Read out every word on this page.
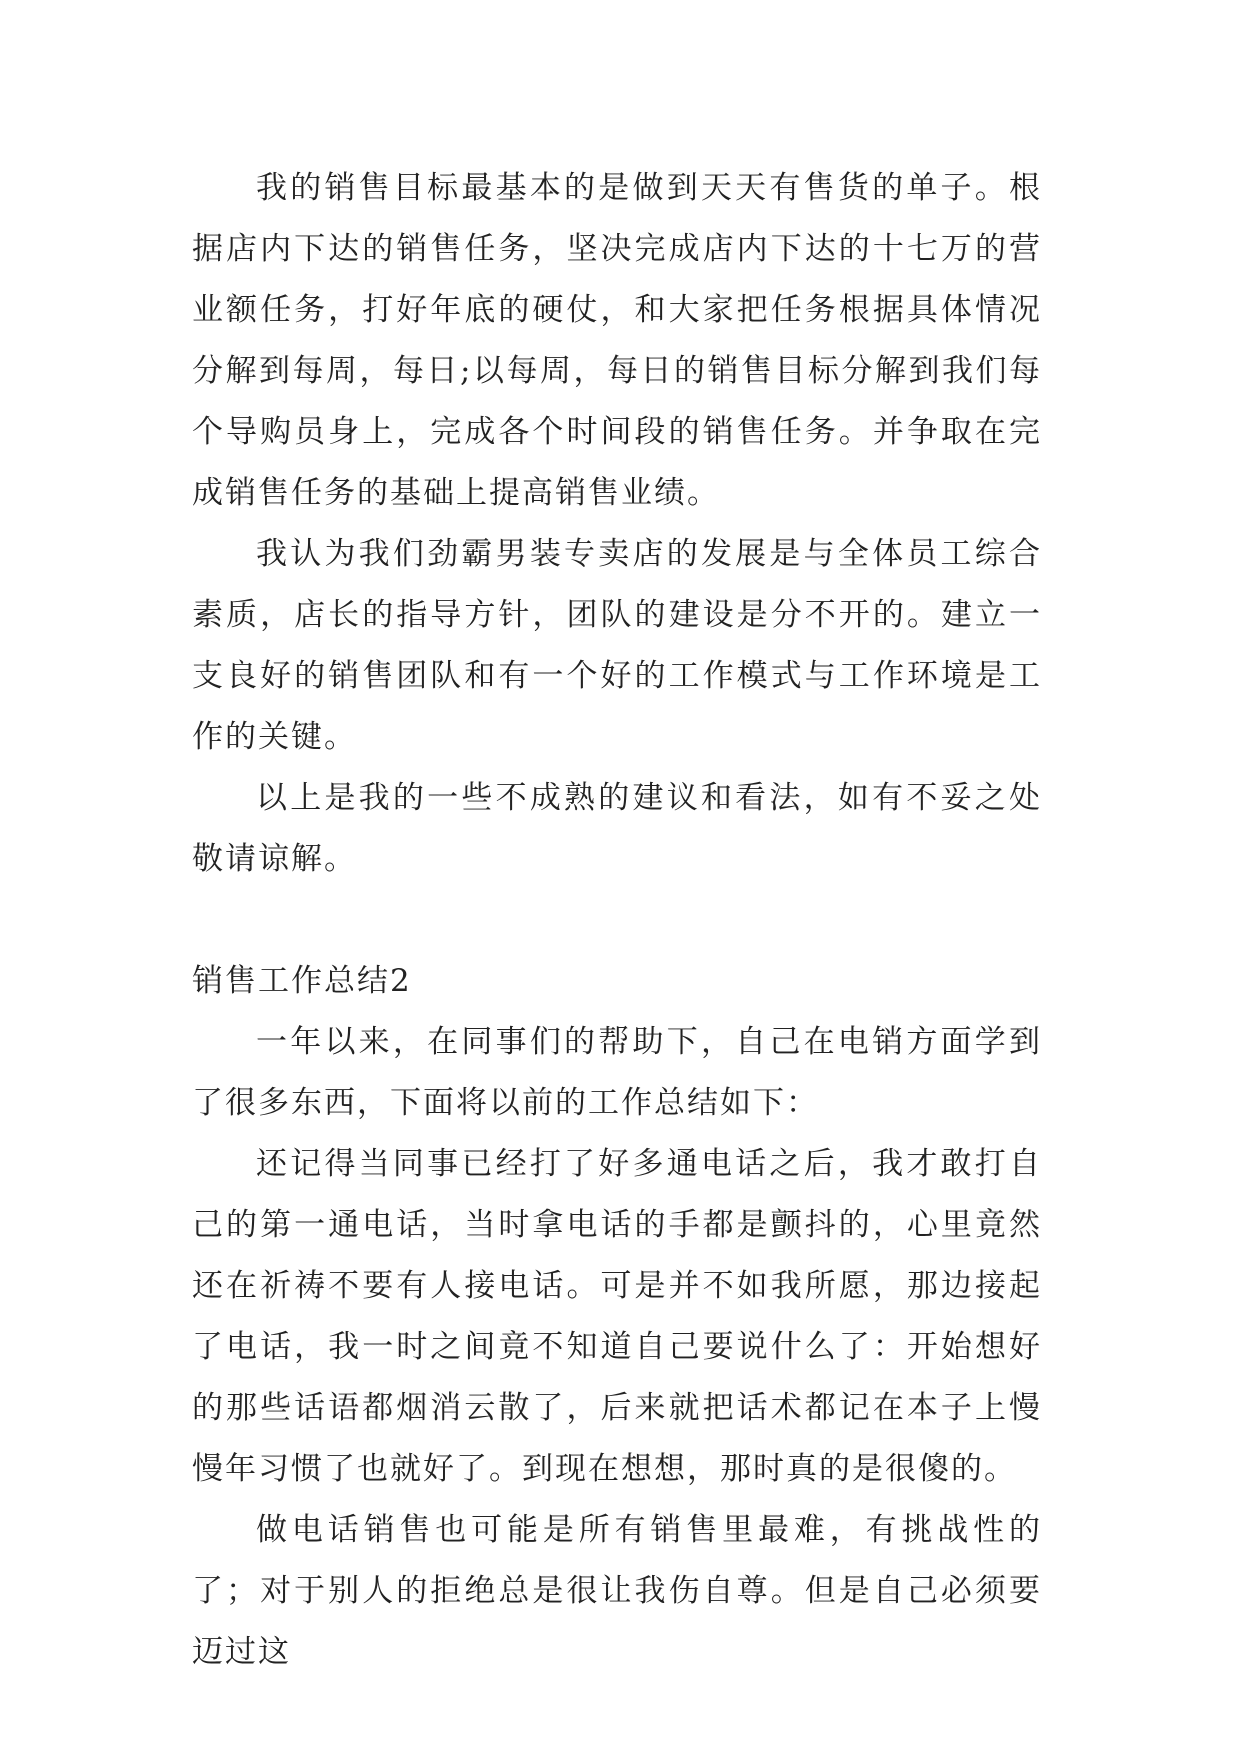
我的销售目标最基本的是做到天天有售货的单子。根据店内下达的销售任务，坚决完成店内下达的十七万的营业额任务，打好年底的硬仗，和大家把任务根据具体情况分解到每周，每日;以每周，每日的销售目标分解到我们每个导购员身上，完成各个时间段的销售任务。并争取在完成销售任务的基础上提高销售业绩。

我认为我们劲霸男装专卖店的发展是与全体员工综合素质，店长的指导方针，团队的建设是分不开的。建立一支良好的销售团队和有一个好的工作模式与工作环境是工作的关键。

以上是我的一些不成熟的建议和看法，如有不妥之处敬请谅解。

销售工作总结2

一年以来，在同事们的帮助下，自己在电销方面学到了很多东西，下面将以前的工作总结如下：

还记得当同事已经打了好多通电话之后，我才敢打自己的第一通电话，当时拿电话的手都是颤抖的，心里竟然还在祈祷不要有人接电话。可是并不如我所愿，那边接起了电话，我一时之间竟不知道自己要说什么了：开始想好的那些话语都烟消云散了，后来就把话术都记在本子上慢慢年习惯了也就好了。到现在想想，那时真的是很傻的。

做电话销售也可能是所有销售里最难，有挑战性的了；对于别人的拒绝总是很让我伤自尊。但是自己必须要迈过这
